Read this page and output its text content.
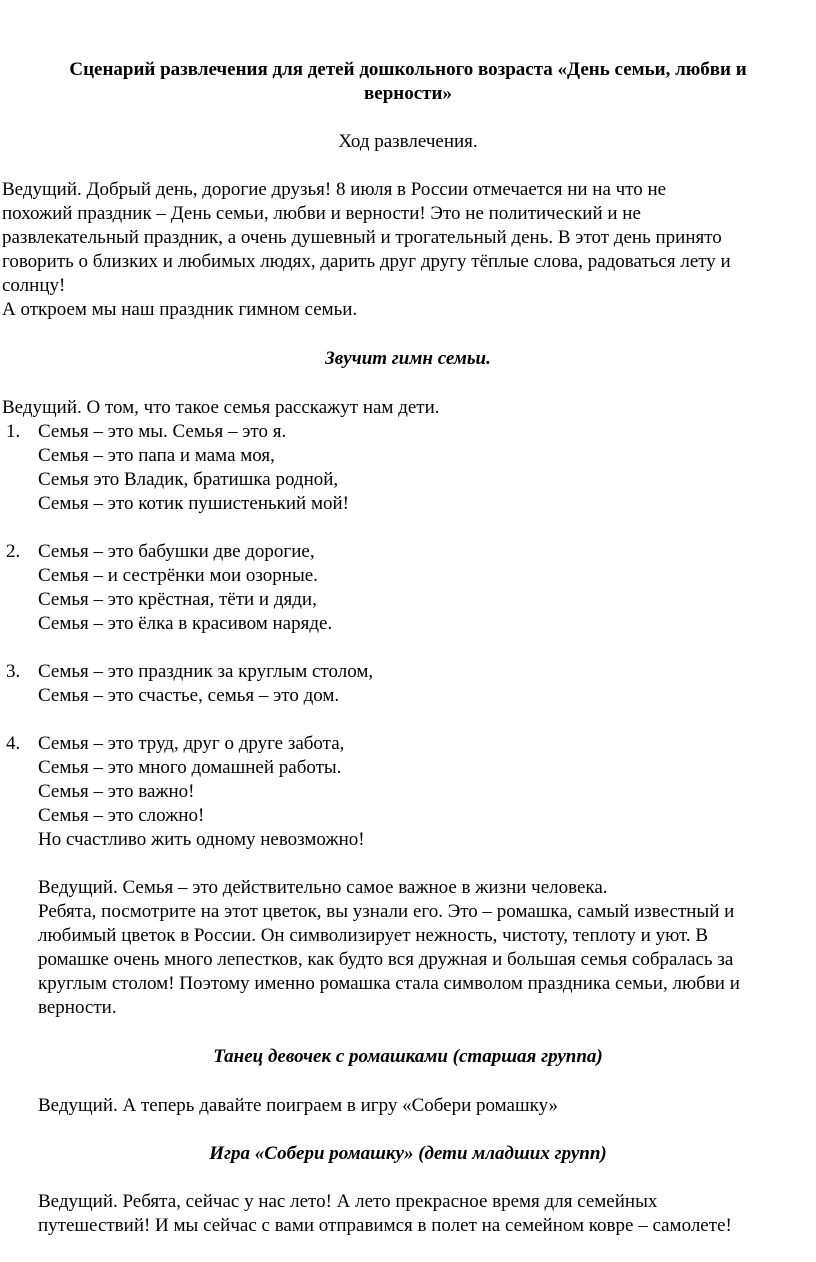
Сценарий развлечения для детей дошкольного возраста «День семьи, любви и
верности»
Ход развлечения.
Ведущий. Добрый день, дорогие друзья! 8 июля в России отмечается ни на что не
похожий праздник – День семьи, любви и верности! Это не политический и не
развлекательный праздник, а очень душевный и трогательный день. В этот день принято
говорить о близких и любимых людях, дарить друг другу тёплые слова, радоваться лету и
солнцу!
А откроем мы наш праздник гимном семьи.
Звучит гимн семьи.
Ведущий. О том, что такое семья расскажут нам дети.
1. Семья – это мы. Семья – это я.
Семья – это папа и мама моя,
Семья это Владик, братишка родной,
Семья – это котик пушистенький мой!
2. Семья – это бабушки две дорогие,
Семья – и сестрёнки мои озорные.
Семья – это крёстная, тёти и дяди,
Семья – это ёлка в красивом наряде.
3. Семья – это праздник за круглым столом,
Семья – это счастье, семья – это дом.
4. Семья – это труд, друг о друге забота,
Семья – это много домашней работы.
Семья – это важно!
Семья – это сложно!
Но счастливо жить одному невозможно!
Ведущий. Семья – это действительно самое важное в жизни человека.
Ребята, посмотрите на этот цветок, вы узнали его. Это – ромашка, самый известный и
любимый цветок в России. Он символизирует нежность, чистоту, теплоту и уют. В
ромашке очень много лепестков, как будто вся дружная и большая семья собралась за
круглым столом! Поэтому именно ромашка стала символом праздника семьи, любви и
верности.
Танец девочек с ромашками (старшая группа)
Ведущий. А теперь давайте поиграем в игру «Собери ромашку»
Игра «Собери ромашку» (дети младших групп)
Ведущий. Ребята, сейчас у нас лето! А лето прекрасное время для семейных
путешествий! И мы сейчас с вами отправимся в полет на семейном ковре – самолете!
